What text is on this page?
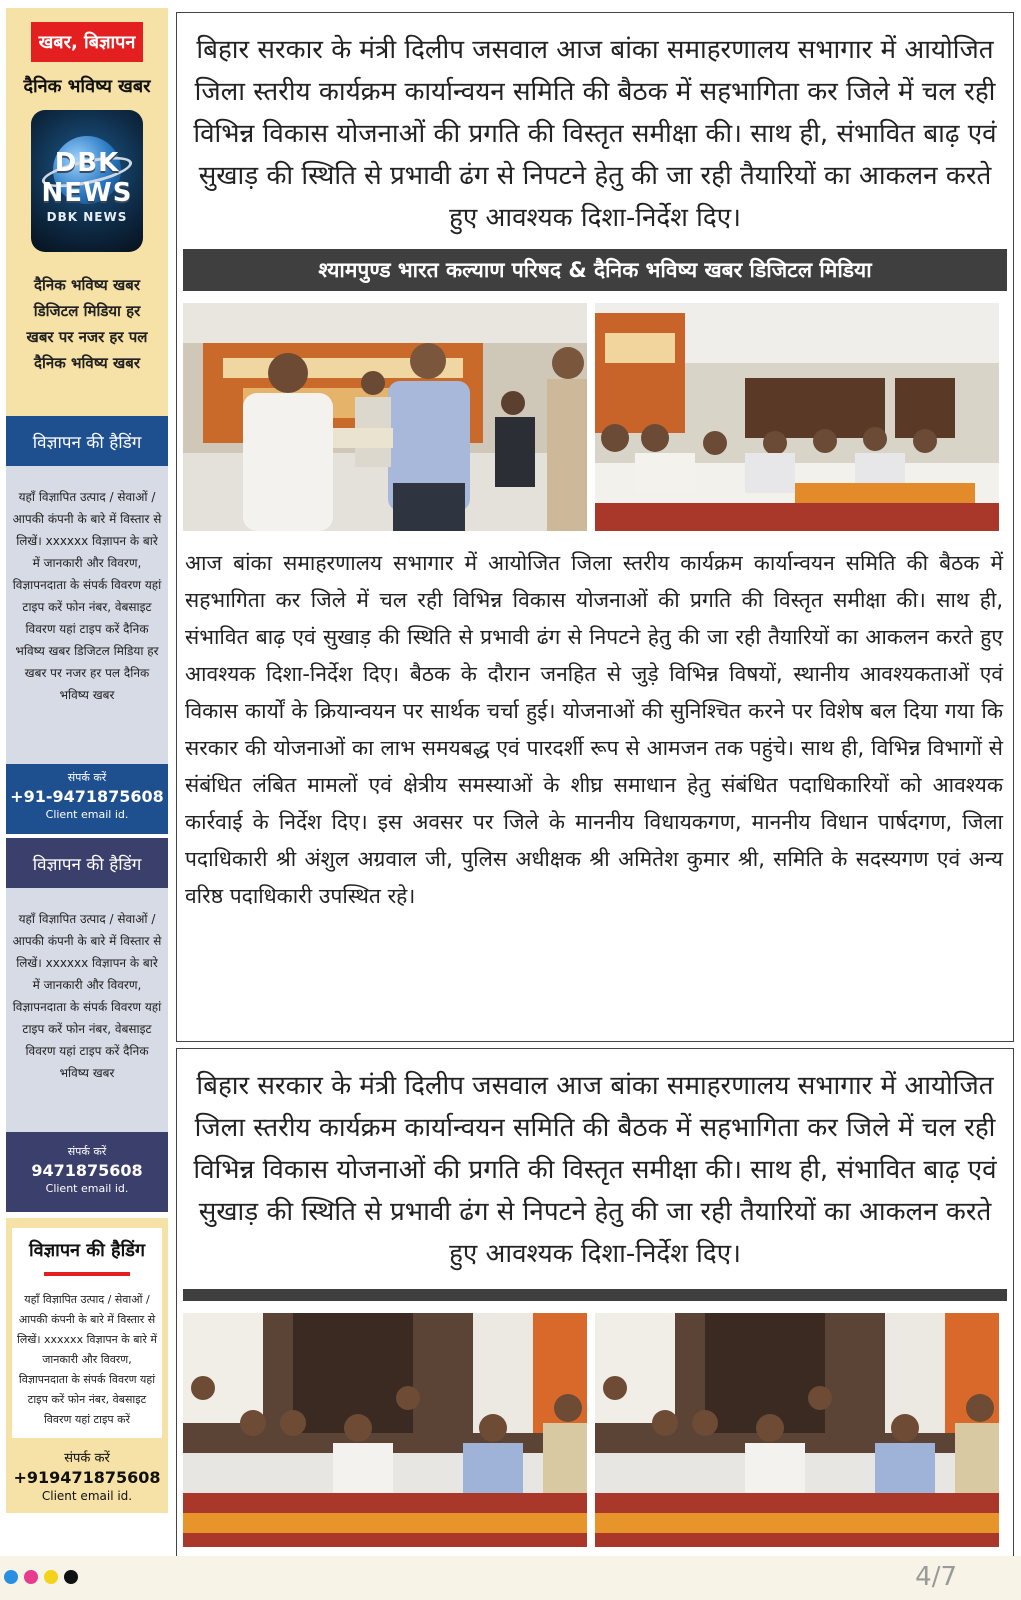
खबर, बिज्ञापन
दैनिक भविष्य खबर
DBK NEWS
DBK NEWS
दैनिक भविष्य खबर
डिजिटल मिडिया हर
खबर पर नजर हर पल
दैनिक भविष्य खबर
विज्ञापन की हैडिंग
यहाँ विज्ञापित उत्पाद / सेवाओं / आपकी कंपनी के बारे में विस्तार से लिखें। xxxxxx विज्ञापन के बारे में जानकारी और विवरण, विज्ञापनदाता के संपर्क विवरण यहां टाइप करें फोन नंबर, वेबसाइट विवरण यहां टाइप करें दैनिक भविष्य खबर डिजिटल मिडिया हर खबर पर नजर हर पल दैनिक भविष्य खबर
संपर्क करें
+91-9471875608
Client email id.
विज्ञापन की हैडिंग
यहाँ विज्ञापित उत्पाद / सेवाओं / आपकी कंपनी के बारे में विस्तार से लिखें। xxxxxx विज्ञापन के बारे में जानकारी और विवरण, विज्ञापनदाता के संपर्क विवरण यहां टाइप करें फोन नंबर, वेबसाइट विवरण यहां टाइप करें दैनिक भविष्य खबर
संपर्क करें
9471875608
Client email id.
विज्ञापन की हैडिंग
यहाँ विज्ञापित उत्पाद / सेवाओं / आपकी कंपनी के बारे में विस्तार से लिखें। xxxxxx विज्ञापन के बारे में जानकारी और विवरण, विज्ञापनदाता के संपर्क विवरण यहां टाइप करें फोन नंबर, वेबसाइट विवरण यहां टाइप करें
संपर्क करें
+919471875608
Client email id.
बिहार सरकार के मंत्री दिलीप जसवाल आज बांका समाहरणालय सभागार में आयोजित जिला स्तरीय कार्यक्रम कार्यान्वयन समिति की बैठक में सहभागिता कर जिले में चल रही विभिन्न विकास योजनाओं की प्रगति की विस्तृत समीक्षा की। साथ ही, संभावित बाढ़ एवं सुखाड़ की स्थिति से प्रभावी ढंग से निपटने हेतु की जा रही तैयारियों का आकलन करते हुए आवश्यक दिशा-निर्देश दिए।
श्यामपुण्ड भारत कल्याण परिषद & दैनिक भविष्य खबर डिजिटल मिडिया
आज बांका समाहरणालय सभागार में आयोजित जिला स्तरीय कार्यक्रम कार्यान्वयन समिति की बैठक में सहभागिता कर जिले में चल रही विभिन्न विकास योजनाओं की प्रगति की विस्तृत समीक्षा की। साथ ही, संभावित बाढ़ एवं सुखाड़ की स्थिति से प्रभावी ढंग से निपटने हेतु की जा रही तैयारियों का आकलन करते हुए आवश्यक दिशा-निर्देश दिए। बैठक के दौरान जनहित से जुड़े विभिन्न विषयों, स्थानीय आवश्यकताओं एवं विकास कार्यों के क्रियान्वयन पर सार्थक चर्चा हुई। योजनाओं की सुनिश्चित करने पर विशेष बल दिया गया कि सरकार की योजनाओं का लाभ समयबद्ध एवं पारदर्शी रूप से आमजन तक पहुंचे। साथ ही, विभिन्न विभागों से संबंधित लंबित मामलों एवं क्षेत्रीय समस्याओं के शीघ्र समाधान हेतु संबंधित पदाधिकारियों को आवश्यक कार्रवाई के निर्देश दिए। इस अवसर पर जिले के माननीय विधायकगण, माननीय विधान पार्षदगण, जिला पदाधिकारी श्री अंशुल अग्रवाल जी, पुलिस अधीक्षक श्री अमितेश कुमार श्री, समिति के सदस्यगण एवं अन्य वरिष्ठ पदाधिकारी उपस्थित रहे।
बिहार सरकार के मंत्री दिलीप जसवाल आज बांका समाहरणालय सभागार में आयोजित जिला स्तरीय कार्यक्रम कार्यान्वयन समिति की बैठक में सहभागिता कर जिले में चल रही विभिन्न विकास योजनाओं की प्रगति की विस्तृत समीक्षा की। साथ ही, संभावित बाढ़ एवं सुखाड़ की स्थिति से प्रभावी ढंग से निपटने हेतु की जा रही तैयारियों का आकलन करते हुए आवश्यक दिशा-निर्देश दिए।
4/7
